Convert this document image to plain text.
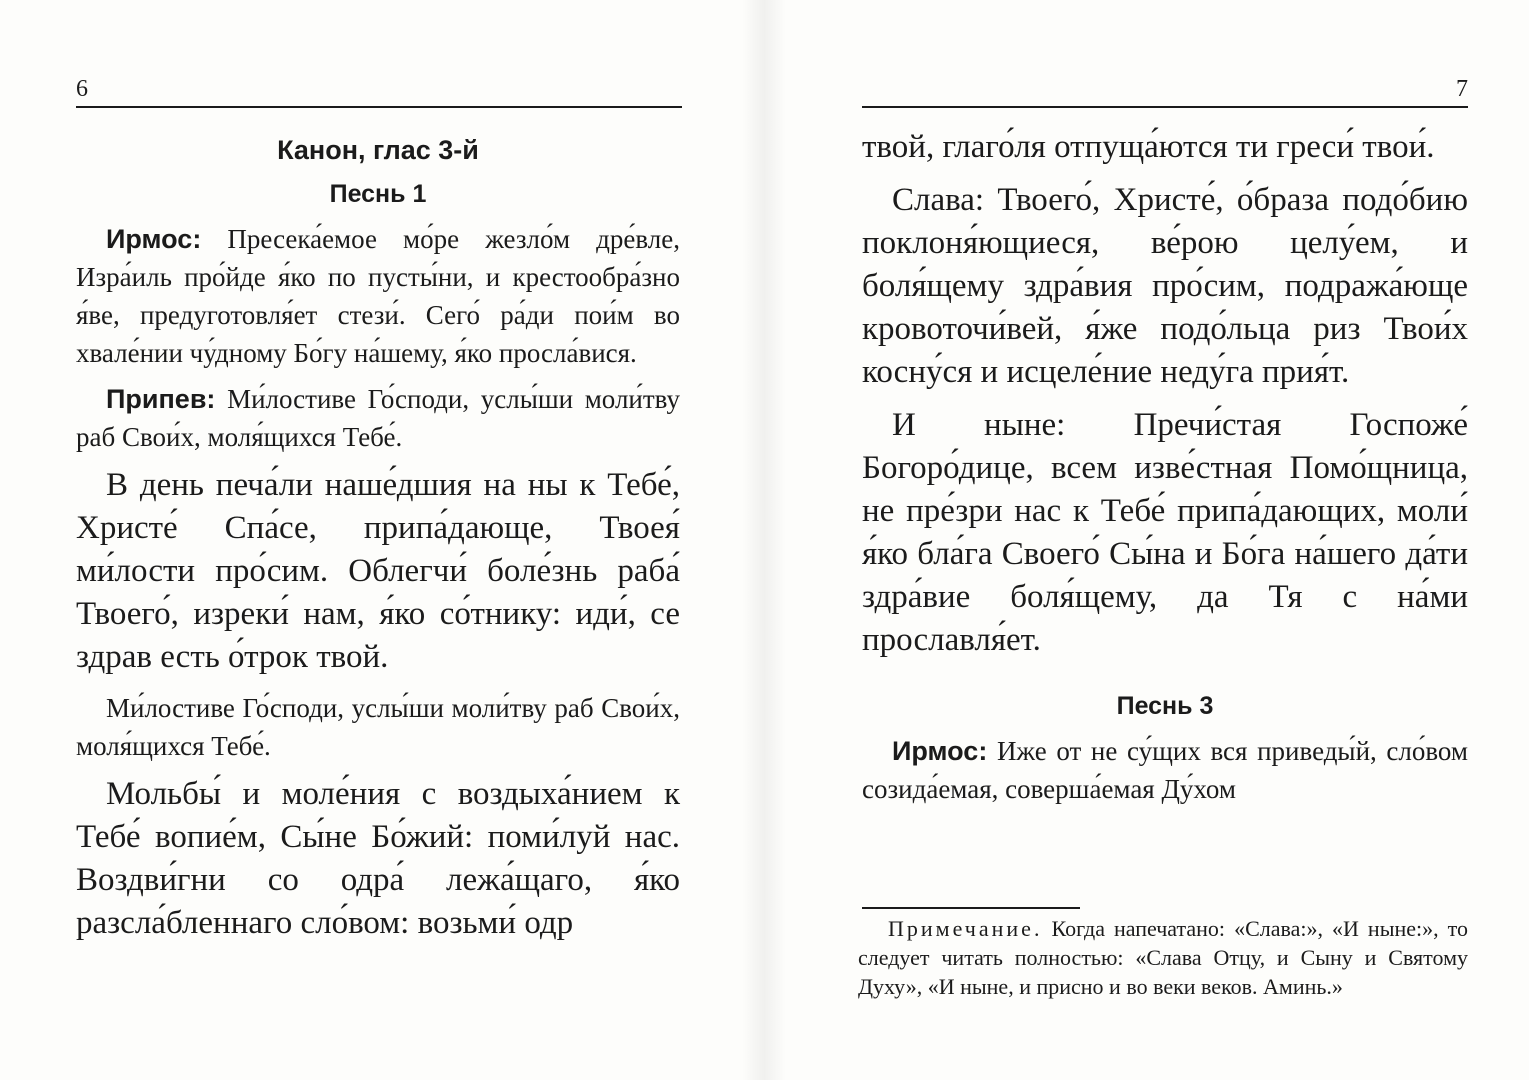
6
Канон, глас 3-й
Песнь 1

Ирмос: Пресека́емое мо́ре жезло́м дре́вле, Изра́иль про́йде я́ко по пусты́ни, и крестообра́зно я́ве, предуготовля́ет стези́. Сего́ ра́ди пои́м во хвале́нии чу́дному Бо́гу на́шему, я́ко просла́вися.

Припев: Ми́лостиве Го́споди, услы́ши моли́тву раб Свои́х, моля́щихся Тебе́.

В день печа́ли наше́дшия на ны к Тебе́, Христе́ Спа́се, припа́дающе, Твоея́ ми́лости про́сим. Облегчи́ боле́знь раба́ Твоего́, изреки́ нам, я́ко со́тнику: иди́, се здрав есть о́трок твой.

Ми́лостиве Го́споди, услы́ши моли́тву раб Свои́х, моля́щихся Тебе́.

Мольбы́ и моле́ния с воздыха́нием к Тебе́ вопие́м, Сы́не Бо́жий: поми́луй нас. Воздви́гни со одра́ лежа́щаго, я́ко разсла́бленнаго сло́вом: возьми́ одр

7

твой, глаго́ля отпуща́ются ти греси́ твои́.

Слава: Твоего́, Христе́, о́браза подо́бию поклоня́ющиеся, ве́рою целу́ем, и боля́щему здра́вия про́сим, подража́юще кровоточи́вей, я́же подо́льца риз Твои́х косну́ся и исцеле́ние неду́га прия́т.

И ныне: Пречи́стая Госпоже́ Богоро́дице, всем изве́стная Помо́щница, не пре́зри нас к Тебе́ припа́дающих, моли́ я́ко бла́га Своего́ Сы́на и Бо́га на́шего да́ти здра́вие боля́щему, да Тя с на́ми прославля́ет.

Песнь 3

Ирмос: Иже от не су́щих вся приведы́й, сло́вом созида́емая, соверша́емая Ду́хом

Примечание. Когда напечатано: «Слава:», «И ныне:», то следует читать полностью: «Слава Отцу, и Сыну и Святому Духу», «И ныне, и присно и во веки веков. Аминь.»
